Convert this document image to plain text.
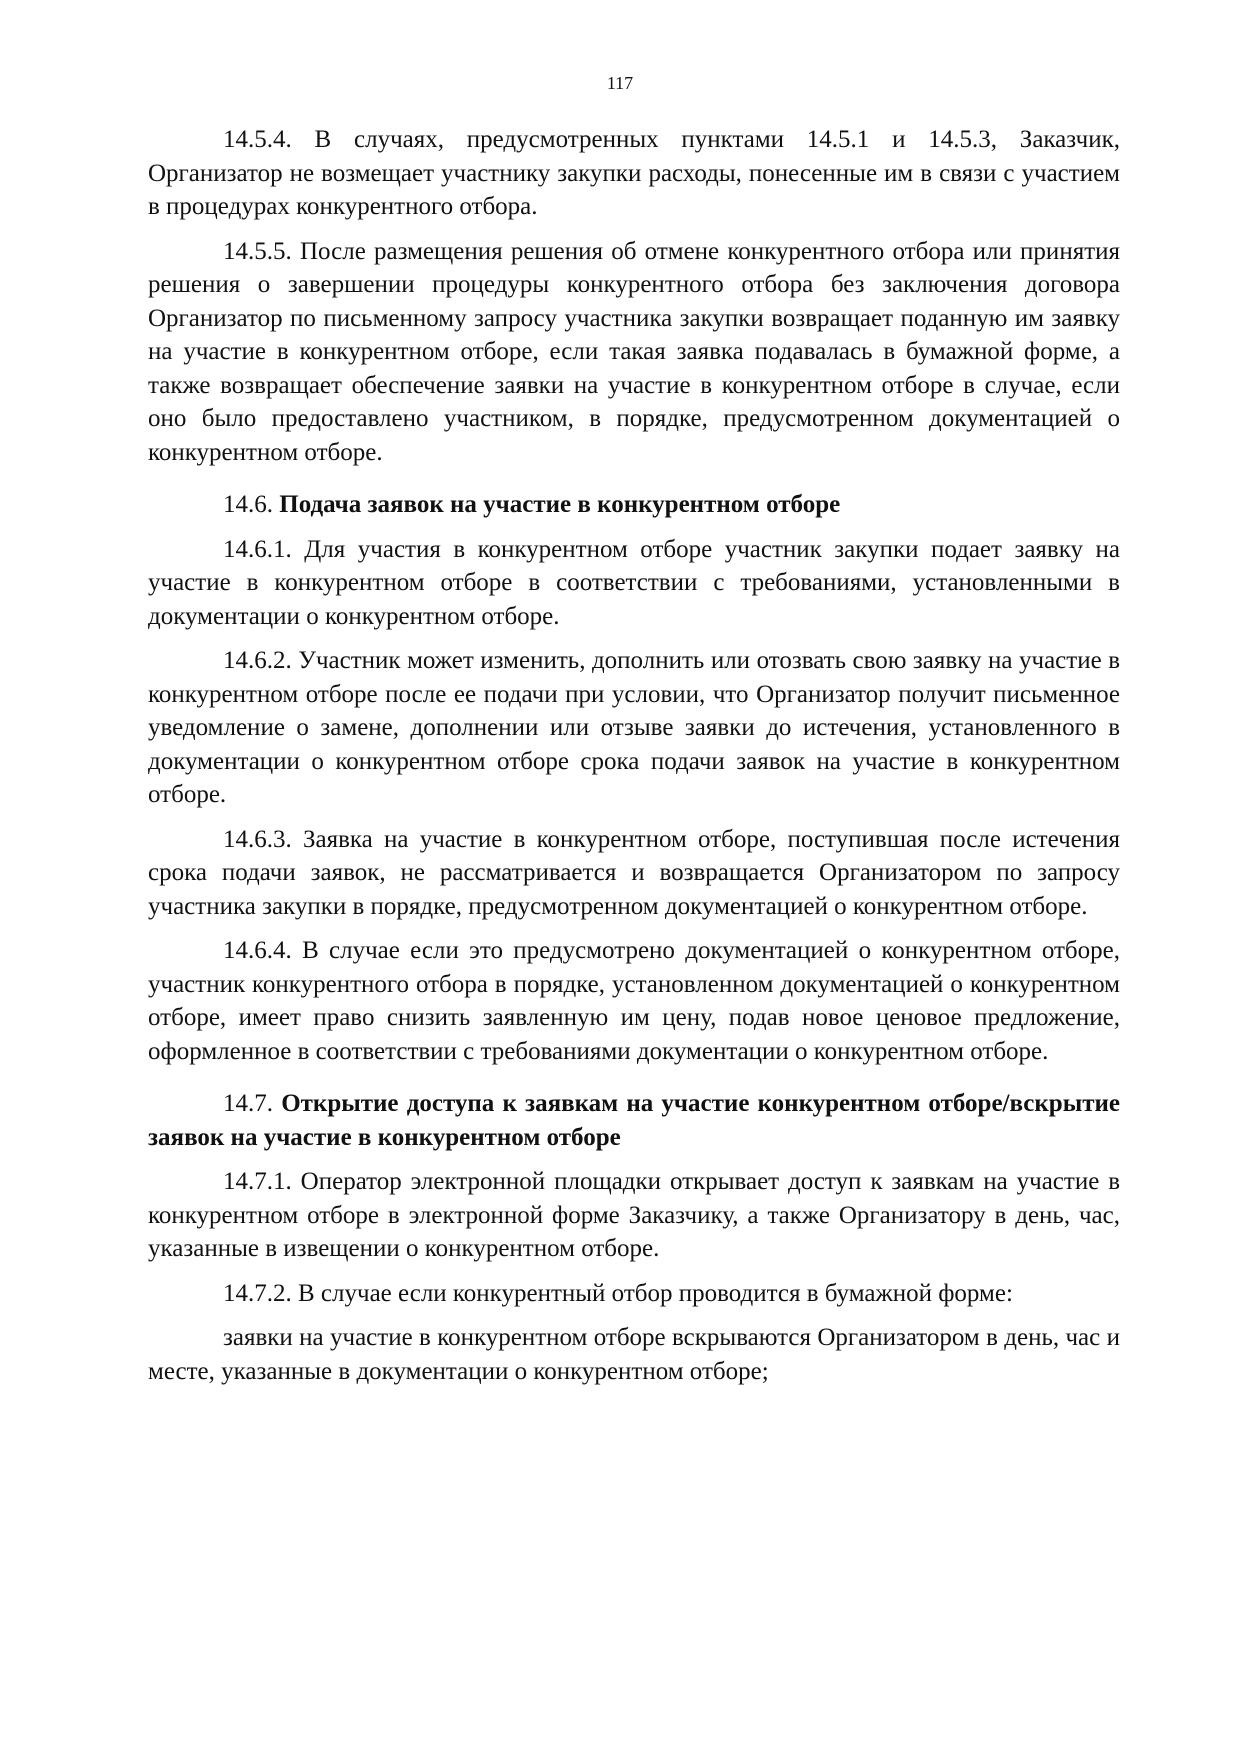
117

14.5.4. В случаях, предусмотренных пунктами 14.5.1 и 14.5.3, Заказчик, Организатор не возмещает участнику закупки расходы, понесенные им в связи с участием в процедурах конкурентного отбора.

14.5.5. После размещения решения об отмене конкурентного отбора или принятия решения о завершении процедуры конкурентного отбора без заключения договора Организатор по письменному запросу участника закупки возвращает поданную им заявку на участие в конкурентном отборе, если такая заявка подавалась в бумажной форме, а также возвращает обеспечение заявки на участие в конкурентном отборе в случае, если оно было предоставлено участником, в порядке, предусмотренном документацией о конкурентном отборе.

14.6. Подача заявок на участие в конкурентном отборе

14.6.1. Для участия в конкурентном отборе участник закупки подает заявку на участие в конкурентном отборе в соответствии с требованиями, установленными в документации о конкурентном отборе.

14.6.2. Участник может изменить, дополнить или отозвать свою заявку на участие в конкурентном отборе после ее подачи при условии, что Организатор получит письменное уведомление о замене, дополнении или отзыве заявки до истечения, установленного в документации о конкурентном отборе срока подачи заявок на участие в конкурентном отборе.

14.6.3. Заявка на участие в конкурентном отборе, поступившая после истечения срока подачи заявок, не рассматривается и возвращается Организатором по запросу участника закупки в порядке, предусмотренном документацией о конкурентном отборе.

14.6.4. В случае если это предусмотрено документацией о конкурентном отборе, участник конкурентного отбора в порядке, установленном документацией о конкурентном отборе, имеет право снизить заявленную им цену, подав новое ценовое предложение, оформленное в соответствии с требованиями документации о конкурентном отборе.

14.7. Открытие доступа к заявкам на участие конкурентном отборе/вскрытие заявок на участие в конкурентном отборе

14.7.1. Оператор электронной площадки открывает доступ к заявкам на участие в конкурентном отборе в электронной форме Заказчику, а также Организатору в день, час, указанные в извещении о конкурентном отборе.

14.7.2. В случае если конкурентный отбор проводится в бумажной форме:

заявки на участие в конкурентном отборе вскрываются Организатором в день, час и месте, указанные в документации о конкурентном отборе;
